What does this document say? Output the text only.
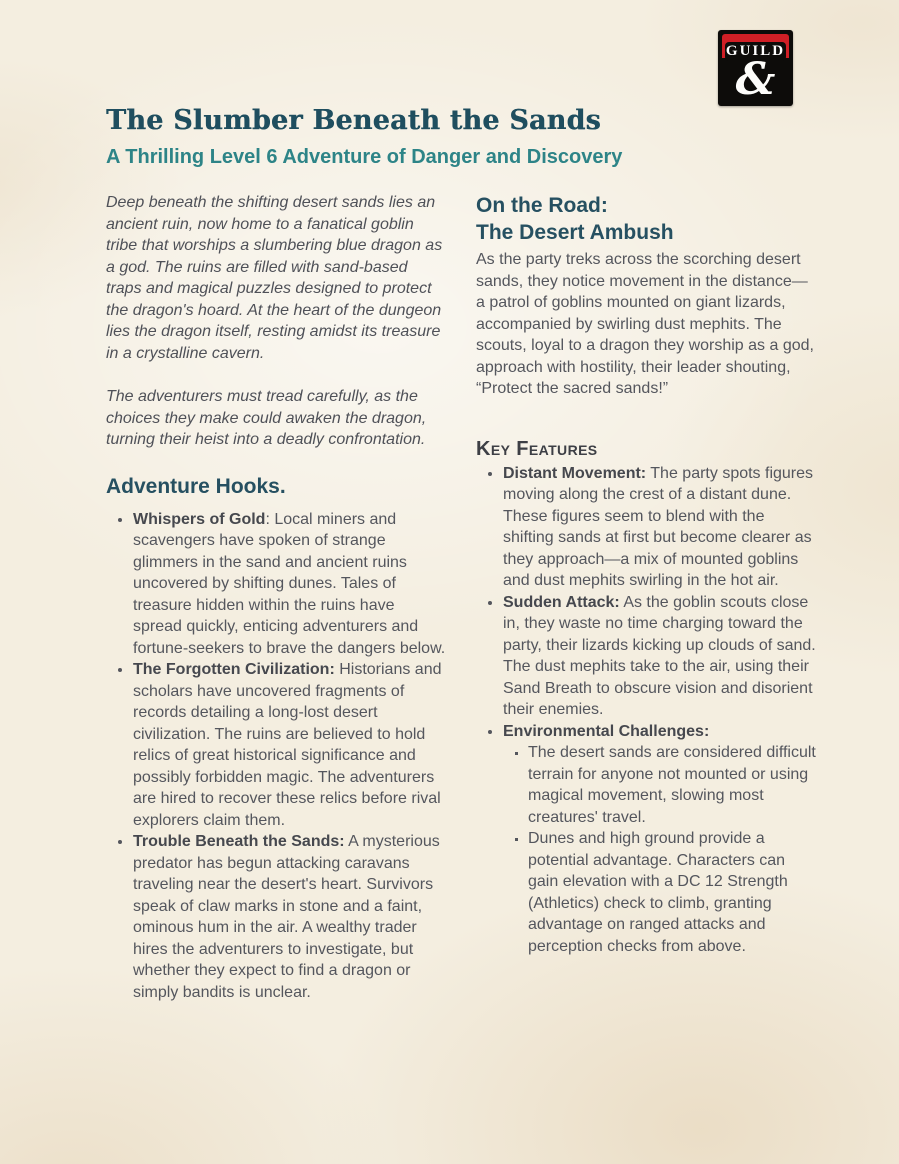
GUILD
&
The Slumber Beneath the Sands
A Thrilling Level 6 Adventure of Danger and Discovery

Deep beneath the shifting desert sands lies an ancient ruin, now home to a fanatical goblin tribe that worships a slumbering blue dragon as a god. The ruins are filled with sand-based traps and magical puzzles designed to protect the dragon's hoard. At the heart of the dungeon lies the dragon itself, resting amidst its treasure in a crystalline cavern.

The adventurers must tread carefully, as the choices they make could awaken the dragon, turning their heist into a deadly confrontation.

Adventure Hooks.
• Whispers of Gold: Local miners and scavengers have spoken of strange glimmers in the sand and ancient ruins uncovered by shifting dunes. Tales of treasure hidden within the ruins have spread quickly, enticing adventurers and fortune-seekers to brave the dangers below.
• The Forgotten Civilization: Historians and scholars have uncovered fragments of records detailing a long-lost desert civilization. The ruins are believed to hold relics of great historical significance and possibly forbidden magic. The adventurers are hired to recover these relics before rival explorers claim them.
• Trouble Beneath the Sands: A mysterious predator has begun attacking caravans traveling near the desert's heart. Survivors speak of claw marks in stone and a faint, ominous hum in the air. A wealthy trader hires the adventurers to investigate, but whether they expect to find a dragon or simply bandits is unclear.
On the Road:
The Desert Ambush

As the party treks across the scorching desert sands, they notice movement in the distance—a patrol of goblins mounted on giant lizards, accompanied by swirling dust mephits. The scouts, loyal to a dragon they worship as a god, approach with hostility, their leader shouting, “Protect the sacred sands!”

Key Features
• Distant Movement: The party spots figures moving along the crest of a distant dune. These figures seem to blend with the shifting sands at first but become clearer as they approach—a mix of mounted goblins and dust mephits swirling in the hot air.
• Sudden Attack: As the goblin scouts close in, they waste no time charging toward the party, their lizards kicking up clouds of sand. The dust mephits take to the air, using their Sand Breath to obscure vision and disorient their enemies.
• Environmental Challenges:
▪ The desert sands are considered difficult terrain for anyone not mounted or using magical movement, slowing most creatures' travel.
▪ Dunes and high ground provide a potential advantage. Characters can gain elevation with a DC 12 Strength (Athletics) check to climb, granting advantage on ranged attacks and perception checks from above.
